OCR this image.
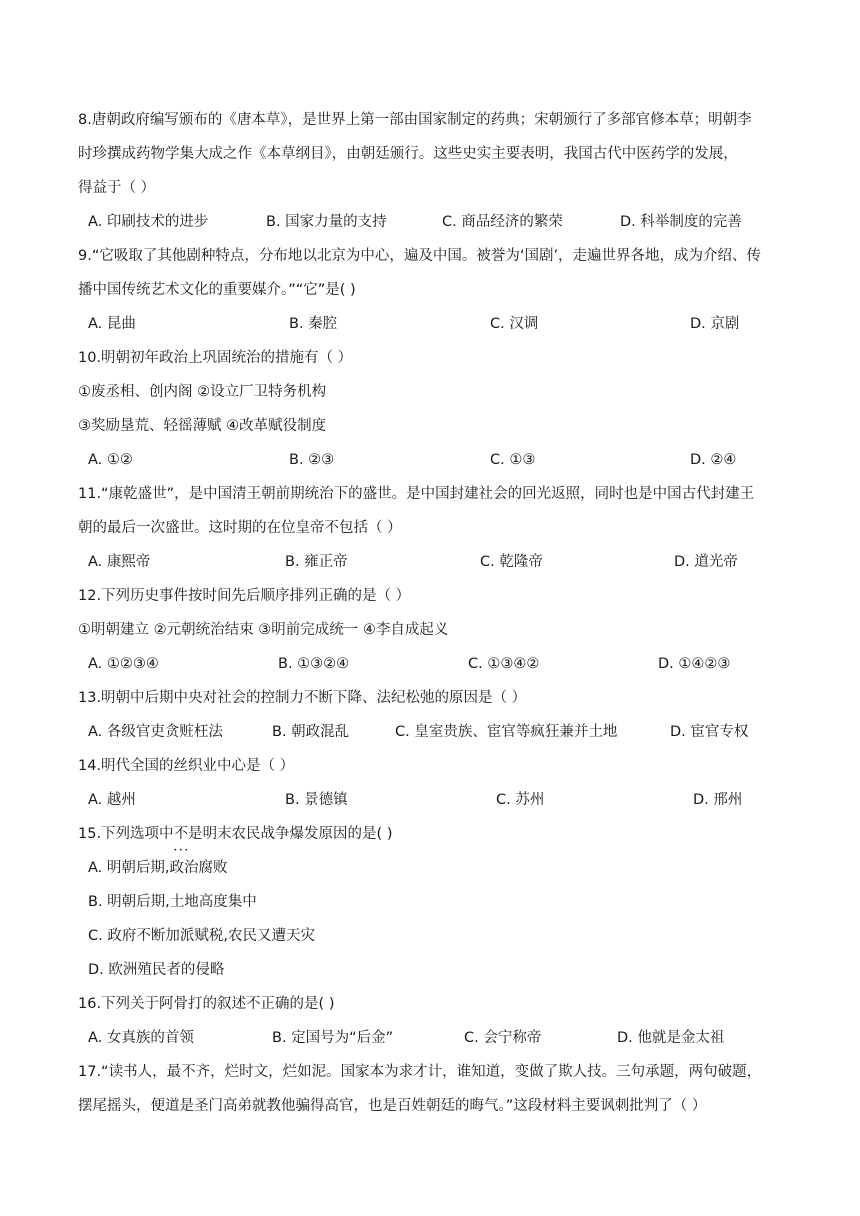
8.唐朝政府编写颁布的《唐本草》，是世界上第一部由国家制定的药典；宋朝颁行了多部官修本草；明朝李
时珍撰成药物学集大成之作《本草纲目》，由朝廷颁行。这些史实主要表明，我国古代中医药学的发展，
得益于（ ）
A. 印刷技术的进步	B. 国家力量的支持	C. 商品经济的繁荣	D. 科举制度的完善
9.“它吸取了其他剧种特点，分布地以北京为中心，遍及中国。被誉为‘国剧’，走遍世界各地，成为介绍、传
播中国传统艺术文化的重要媒介。”“它”是( )
A. 昆曲	B. 秦腔	C. 汉调	D. 京剧
10.明朝初年政治上巩固统治的措施有（ ）
①废丞相、创内阁 ②设立厂卫特务机构
③奖励垦荒、轻徭薄赋 ④改革赋役制度
A. ①②	B. ②③	C. ①③	D. ②④
11.“康乾盛世”，是中国清王朝前期统治下的盛世。是中国封建社会的回光返照，同时也是中国古代封建王
朝的最后一次盛世。这时期的在位皇帝不包括（ ）
A. 康熙帝	B. 雍正帝	C. 乾隆帝	D. 道光帝
12.下列历史事件按时间先后顺序排列正确的是（ ）
①明朝建立 ②元朝统治结束 ③明前完成统一 ④李自成起义
A. ①②③④	B. ①③②④	C. ①③④②	D. ①④②③
13.明朝中后期中央对社会的控制力不断下降、法纪松弛的原因是（ ）
A. 各级官吏贪赃枉法	B. 朝政混乱	C. 皇室贵族、宦官等疯狂兼并土地	D. 宦官专权
14.明代全国的丝织业中心是（ ）
A. 越州	B. 景德镇	C. 苏州	D. 邢州
15.下列选项中不是 • • •明末农民战争爆发原因的是( )
A. 明朝后期,政治腐败
B. 明朝后期,土地高度集中
C. 政府不断加派赋税,农民又遭天灾
D. 欧洲殖民者的侵略
16.下列关于阿骨打的叙述不正确的是( )
A. 女真族的首领	B. 定国号为“后金”	C. 会宁称帝	D. 他就是金太祖
17.“读书人，最不齐，烂时文，烂如泥。国家本为求才计，谁知道，变做了欺人技。三句承题，两句破题，
摆尾摇头，便道是圣门高弟就教他骗得高官，也是百姓朝廷的晦气。”这段材料主要讽刺批判了（ ）
